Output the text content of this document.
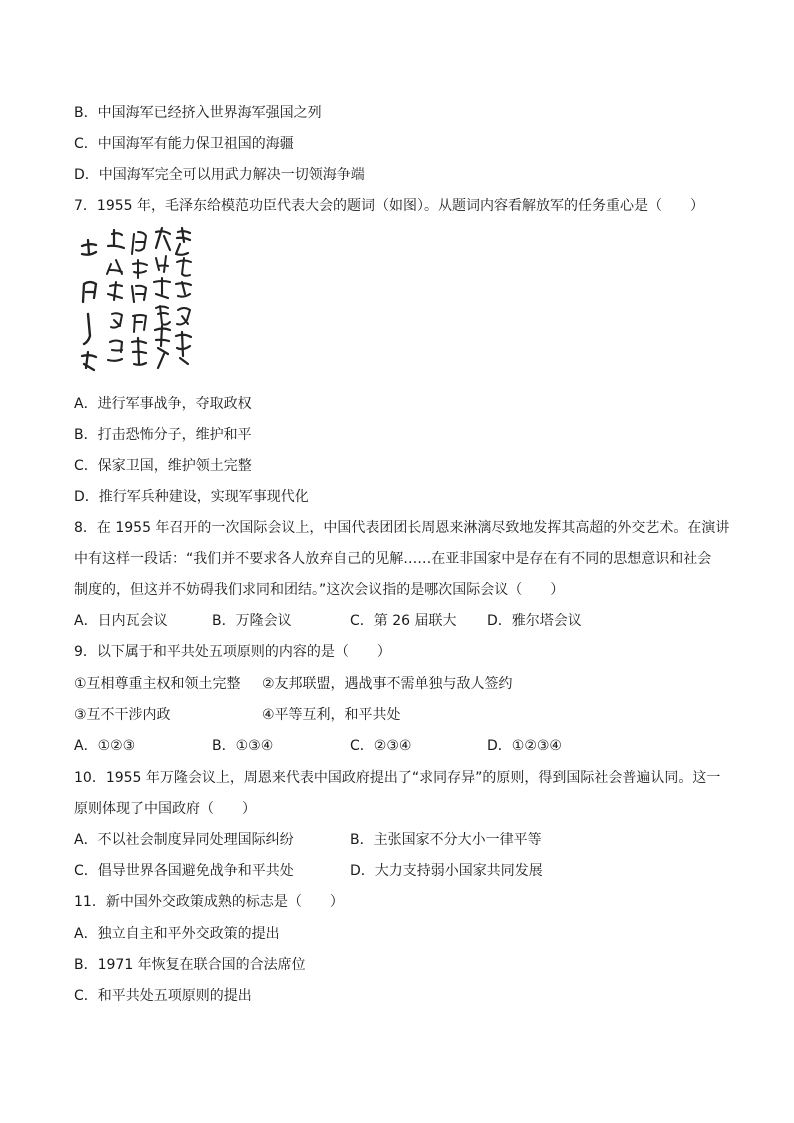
B．中国海军已经挤入世界海军强国之列
C．中国海军有能力保卫祖国的海疆
D．中国海军完全可以用武力解决一切领海争端
7．1955 年，毛泽东给模范功臣代表大会的题词（如图）。从题词内容看解放军的任务重心是（　　）
A．进行军事战争，夺取政权
B．打击恐怖分子，维护和平
C．保家卫国，维护领土完整
D．推行军兵种建设，实现军事现代化
8．在 1955 年召开的一次国际会议上，中国代表团团长周恩来淋漓尽致地发挥其高超的外交艺术。在演讲
中有这样一段话：“我们并不要求各人放弃自己的见解……在亚非国家中是存在有不同的思想意识和社会
制度的，但这并不妨碍我们求同和团结。”这次会议指的是哪次国际会议（　　）
A．日内瓦会议	B．万隆会议	C．第 26 届联大 D．雅尔塔会议
9．以下属于和平共处五项原则的内容的是（　　）
①互相尊重主权和领土完整 ②友邦联盟，遇战事不需单独与敌人签约
③互不干涉内政	④平等互利，和平共处
A．①②③	B．①③④	C．②③④	D．①②③④
10．1955 年万隆会议上，周恩来代表中国政府提出了“求同存异”的原则，得到国际社会普遍认同。这一
原则体现了中国政府（　　）
A．不以社会制度异同处理国际纠纷	B．主张国家不分大小一律平等
C．倡导世界各国避免战争和平共处	D．大力支持弱小国家共同发展
11．新中国外交政策成熟的标志是（　　）
A．独立自主和平外交政策的提出
B．1971 年恢复在联合国的合法席位
C．和平共处五项原则的提出
